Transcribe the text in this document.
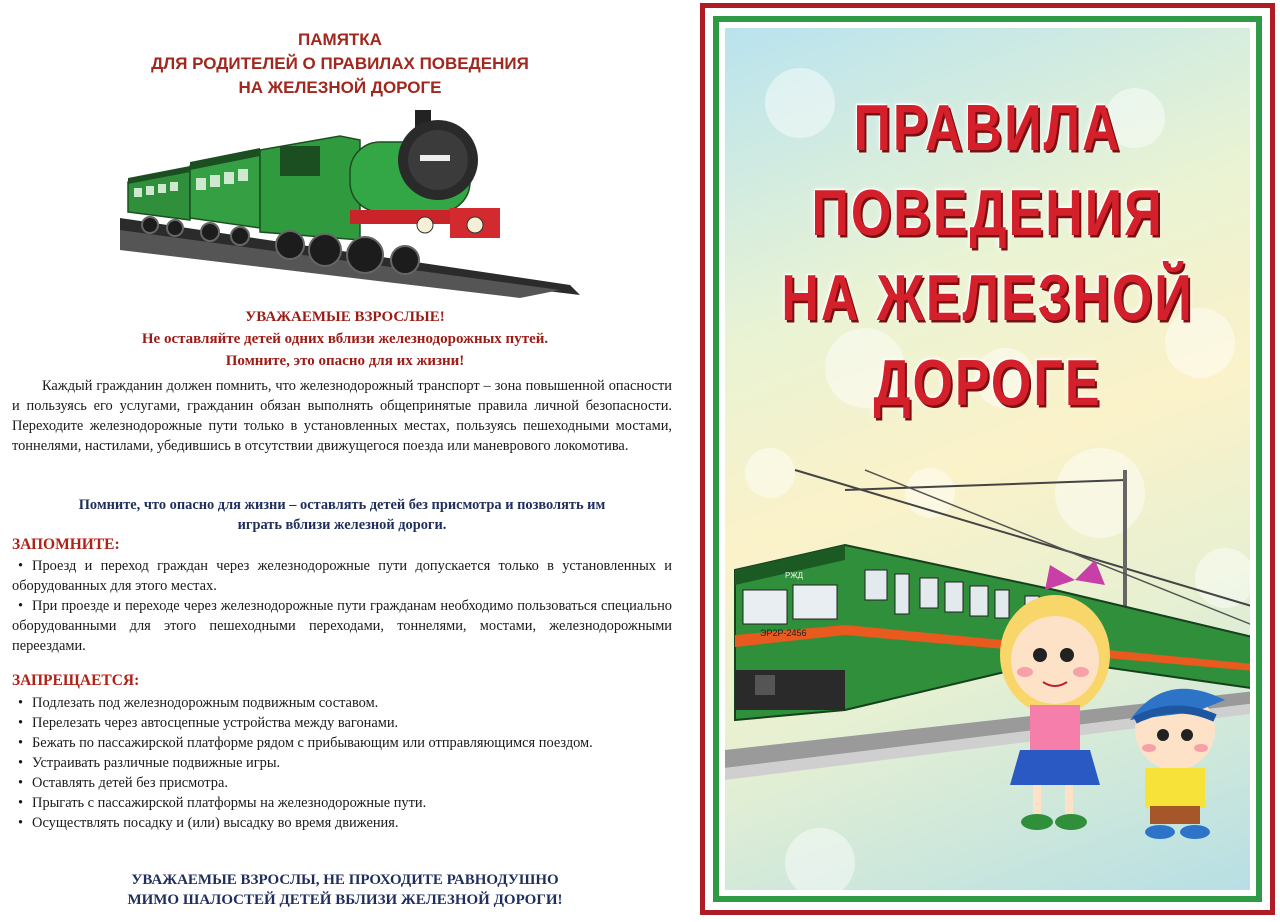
ПАМЯТКА
ДЛЯ РОДИТЕЛЕЙ О ПРАВИЛАХ ПОВЕДЕНИЯ
НА ЖЕЛЕЗНОЙ ДОРОГЕ

УВАЖАЕМЫЕ ВЗРОСЛЫЕ!

Не оставляйте детей одних вблизи железнодорожных путей.

Помните, это опасно для их жизни!

Каждый гражданин должен помнить, что железнодорожный транспорт – зона повышенной опасности и пользуясь его услугами, гражданин обязан выполнять общепринятые правила личной безопасности. Переходите железнодорожные пути только в установленных местах, пользуясь пешеходными мостами, тоннелями, настилами, убедившись в отсутствии движущегося поезда или маневрового локомотива.

Помните, что опасно для жизни – оставлять детей без присмотра и позволять им

играть вблизи железной дороги.

ЗАПОМНИТЕ:
• Проезд и переход граждан через железнодорожные пути допускается только в установленных и оборудованных для этого местах.
• При проезде и переходе через железнодорожные пути гражданам необходимо пользоваться специально оборудованными для этого пешеходными переходами, тоннелями, мостами, железнодорожными переездами.
ЗАПРЕЩАЕТСЯ:
• Подлезать под железнодорожным подвижным составом.
• Перелезать через автосцепные устройства между вагонами.
• Бежать по пассажирской платформе рядом с прибывающим или отправляющимся поездом.
• Устраивать различные подвижные игры.
• Оставлять детей без присмотра.
• Прыгать с пассажирской платформы на железнодорожные пути.
• Осуществлять посадку и (или) высадку во время движения.

УВАЖАЕМЫЕ ВЗРОСЛЫ, НЕ ПРОХОДИТЕ РАВНОДУШНО

МИМО ШАЛОСТЕЙ ДЕТЕЙ ВБЛИЗИ ЖЕЛЕЗНОЙ ДОРОГИ!

ПРАВИЛА ПОВЕДЕНИЯ

НА ЖЕЛЕЗНОЙ ДОРОГЕ

ЭР2Р-2456
РЖД
